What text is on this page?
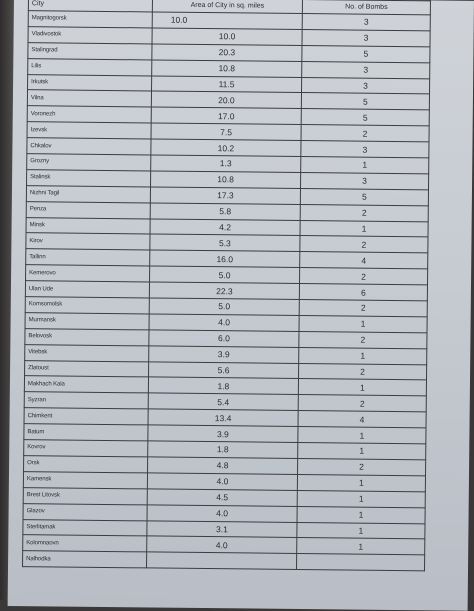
City	Area of City in sq. miles	No. of Bombs
Magnitogorsk	10.0	3
Vladivostok	10.0	3
Stalingrad	20.3	5
Lilis	10.8	3
Irkutsk	11.5	3
Vilna	20.0	5
Voronezh	17.0	5
Izevsk	7.5	2
Chkalov	10.2	3
Grozny	1.3	1
Stalinsk	10.8	3
Nizhni Tagil	17.3	5
Penza	5.8	2
Minsk	4.2	1
Kirov	5.3	2
Tallinn	16.0	4
Kemerovo	5.0	2
Ulan Ude	22.3	6
Komsomolsk	5.0	2
Murmansk	4.0	1
Belovosk	6.0	2
Vitebsk	3.9	1
Zlatoust	5.6	2
Makhach Kala	1.8	1
Syzran	5.4	2
Chimkent	13.4	4
Batum	3.9	1
Kovrov	1.8	1
Orsk	4.8	2
Kamensk	4.0	1
Brest Litovsk	4.5	1
Glazov	4.0	1
Sterlitamak	3.1	1
Kolomnaovn	4.0	1
Nalhodka		
